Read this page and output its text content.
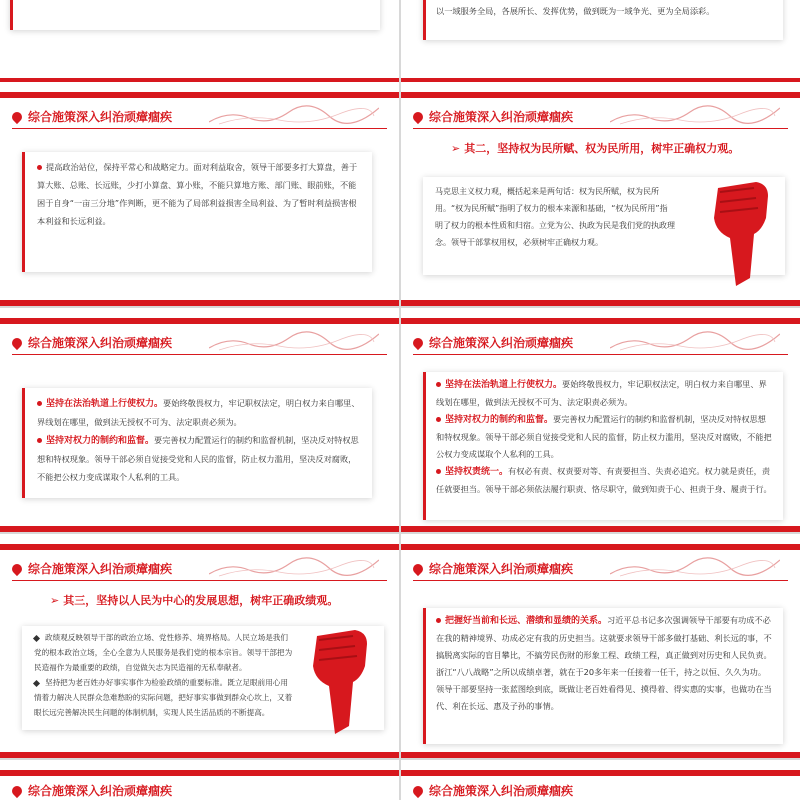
以一域服务全局，各展所长、发挥优势，做到既为一域争光、更为全局添彩。

综合施策深入纠治顽瘴痼疾

提高政治站位，保持平常心和战略定力。面对利益取舍，领导干部要多打大算盘，善于算大账、总账、长远账，少打小算盘、算小账，不能只算地方账、部门账、眼前账，不能困于自身“一亩三分地”作判断，更不能为了局部利益损害全局利益、为了暂时利益损害根本利益和长远利益。

综合施策深入纠治顽瘴痼疾
➢ 其二，坚持权为民所赋、权为民所用，树牢正确权力观。

马克思主义权力观，概括起来是两句话：权为民所赋，权为民所用。“权为民所赋”指明了权力的根本来源和基础，“权为民所用”指明了权力的根本性质和归宿。立党为公、执政为民是我们党的执政理念。领导干部掌权用权，必须树牢正确权力观。

综合施策深入纠治顽瘴痼疾

坚持在法治轨道上行使权力。要始终敬畏权力，牢记职权法定，明白权力来自哪里、界线划在哪里，做到法无授权不可为、法定职责必须为。

坚持对权力的制约和监督。要完善权力配置运行的制约和监督机制，坚决反对特权思想和特权现象。领导干部必须自觉接受党和人民的监督，防止权力滥用，坚决反对腐败，不能把公权力变成谋取个人私利的工具。

综合施策深入纠治顽瘴痼疾

坚持在法治轨道上行使权力。要始终敬畏权力，牢记职权法定，明白权力来自哪里、界线划在哪里，做到法无授权不可为、法定职责必须为。

坚持对权力的制约和监督。要完善权力配置运行的制约和监督机制，坚决反对特权思想和特权现象。领导干部必须自觉接受党和人民的监督，防止权力滥用，坚决反对腐败，不能把公权力变成谋取个人私利的工具。

坚持权责统一。有权必有责、权责要对等、有责要担当、失责必追究。权力就是责任，责任就要担当。领导干部必须依法履行职责、恪尽职守，做到知责于心、担责于身、履责于行。

综合施策深入纠治顽瘴痼疾
➢ 其三，坚持以人民为中心的发展思想，树牢正确政绩观。

政绩观反映领导干部的政治立场、党性修养、境界格局。人民立场是我们党的根本政治立场，全心全意为人民服务是我们党的根本宗旨。领导干部把为民造福作为最重要的政绩，自觉做矢志为民造福的无私奉献者。

坚持把为老百姓办好事实事作为检验政绩的重要标准。既立足眼前用心用情着力解决人民群众急难愁盼的实际问题，把好事实事做到群众心坎上，又着眼长远完善解决民生问题的体制机制，实现人民生活品质的不断提高。

综合施策深入纠治顽瘴痼疾

把握好当前和长远、潜绩和显绩的关系。习近平总书记多次强调领导干部要有功成不必在我的精神境界、功成必定有我的历史担当。这就要求领导干部多做打基础、利长远的事，不搞脱离实际的盲目攀比，不搞劳民伤财的形象工程、政绩工程，真正做到对历史和人民负责。浙江“八八战略”之所以成绩卓著，就在于20多年来一任接着一任干，持之以恒、久久为功。领导干部要坚持一张蓝图绘到底，既做让老百姓看得见、摸得着、得实惠的实事，也做功在当代、利在长远、惠及子孙的事情。

综合施策深入纠治顽瘴痼疾	综合施策深入纠治顽瘴痼疾
